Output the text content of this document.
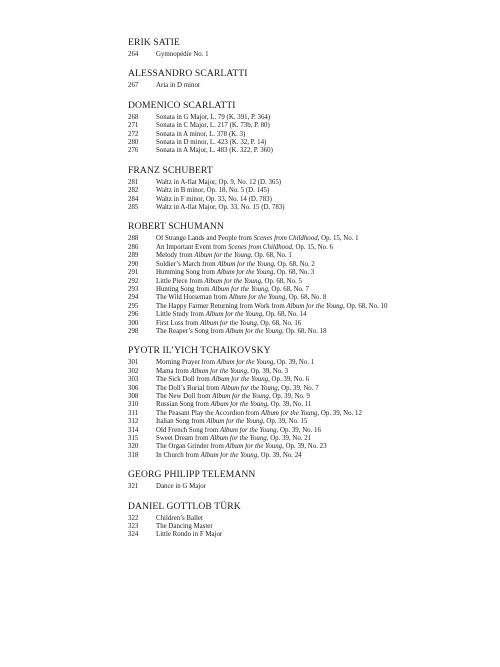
ERIK SATIE
264	Gymnopédie No. 1
ALESSANDRO SCARLATTI
267	Aria in D minor
DOMENICO SCARLATTI
268	Sonata in G Major, L. 79 (K. 391, P. 364)
271	Sonata in C Major, L. 217 (K. 73b, P. 80)
272	Sonata in A minor, L. 378 (K. 3)
280	Sonata in D minor, L. 423 (K. 32, P. 14)
276	Sonata in A Major, L. 483 (K. 322, P. 360)
FRANZ SCHUBERT
281	Waltz in A-flat Major, Op. 9, No. 12 (D. 365)
282	Waltz in B minor, Op. 18, No. 5 (D. 145)
284	Waltz in F minor, Op. 33, No. 14 (D. 783)
285	Waltz in A-flat Major, Op. 33, No. 15 (D. 783)
ROBERT SCHUMANN
288	Of Strange Lands and People from Scenes from Childhood, Op. 15, No. 1
286	An Important Event from Scenes from Childhood, Op. 15, No. 6
289	Melody from Album for the Young, Op. 68, No. 1
290	Soldier’s March from Album for the Young, Op. 68, No. 2
291	Humming Song from Album for the Young, Op. 68, No. 3
292	Little Piece from Album for the Young, Op. 68, No. 5
293	Hunting Song from Album for the Young, Op. 68, No. 7
294	The Wild Horseman from Album for the Young, Op. 68, No. 8
295	The Happy Farmer Returning from Work from Album for the Young, Op. 68, No. 10
296	Little Study from Album for the Young, Op. 68, No. 14
300	First Loss from Album for the Young, Op. 68, No. 16
298	The Reaper’s Song from Album for the Young, Op. 68, No. 18
PYOTR IL’YICH TCHAIKOVSKY
301	Morning Prayer from Album for the Young, Op. 39, No. 1
302	Mama from Album for the Young, Op. 39, No. 3
303	The Sick Doll from Album for the Young, Op. 39, No. 6
306	The Doll’s Burial from Album for the Young, Op. 39, No. 7
308	The New Doll from Album for the Young, Op. 39, No. 9
310	Russian Song from Album for the Young, Op. 39, No. 11
311	The Peasant Play the Accordion from Album for the Young, Op. 39, No. 12
312	Italian Song from Album for the Young, Op. 39, No. 15
314	Old French Song from Album for the Young, Op. 39, No. 16
315	Sweet Dream from Album for the Young, Op. 39, No. 21
320	The Organ Grinder from Album for the Young, Op. 39, No. 23
318	In Church from Album for the Young, Op. 39, No. 24
GEORG PHILIPP TELEMANN
321	Dance in G Major
DANIEL GOTTLOB TÜRK
322	Children’s Ballet
323	The Dancing Master
324	Little Rondo in F Major
